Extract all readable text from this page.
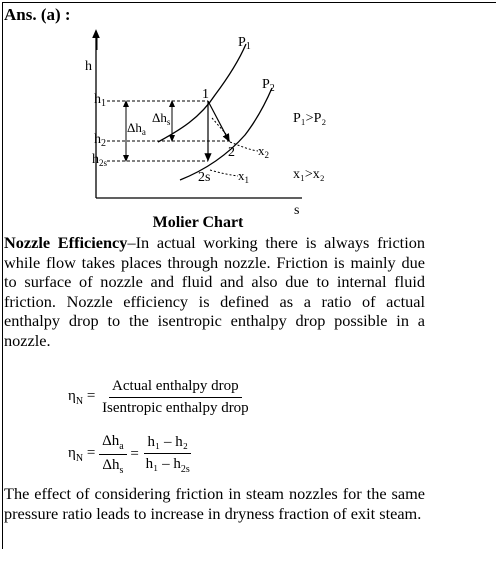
Ans. (a) :
h
s
$P_1$
$P_2$
$x_2$
$x_1$
$h_1$
$h_2$
$h_{2s}$
$\Delta h_s$
$\Delta h_a$
1
2
2s
P₁>P₂
x₁>x₂
Molier Chart
Nozzle Efficiency–In actual working there is always friction while flow takes places through nozzle. Friction is mainly due to surface of nozzle and fluid and also due to internal fluid friction. Nozzle efficiency is defined as a ratio of actual enthalpy drop to the isentropic enthalpy drop possible in a nozzle.
$\eta_N = \frac{\text{Actual enthalpy drop}}{\text{Isentropic enthalpy drop}}$
$\eta_N = \frac{\Delta h_a}{\Delta h_s} = \frac{\text{h₁ – h₂}}{h_1 - h_{2s}}$
The effect of considering friction in steam nozzles for the same pressure ratio leads to increase in dryness fraction of exit steam.
